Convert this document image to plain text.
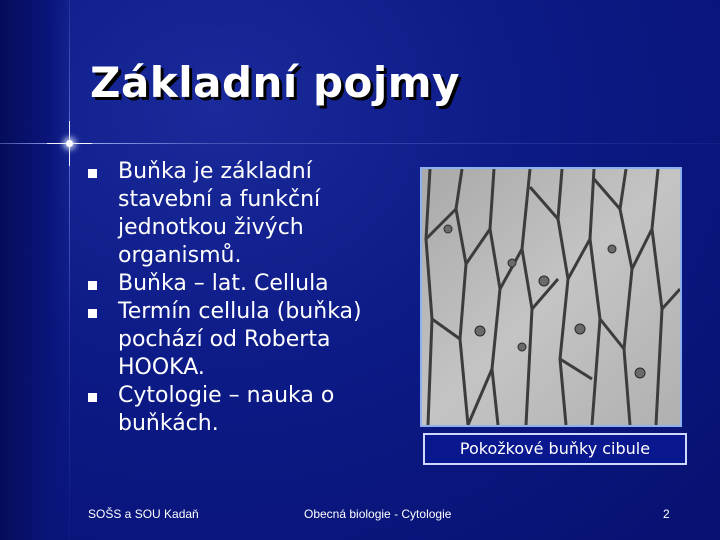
Základní pojmy
Buňka je základní stavební a funkční jednotkou živých organismů.
Buňka – lat. Cellula
Termín cellula (buňka) pochází od Roberta HOOKA.
Cytologie – nauka o buňkách.
Pokožkové buňky cibule
SOŠS a SOU Kadaň	Obecná biologie - Cytologie	2
